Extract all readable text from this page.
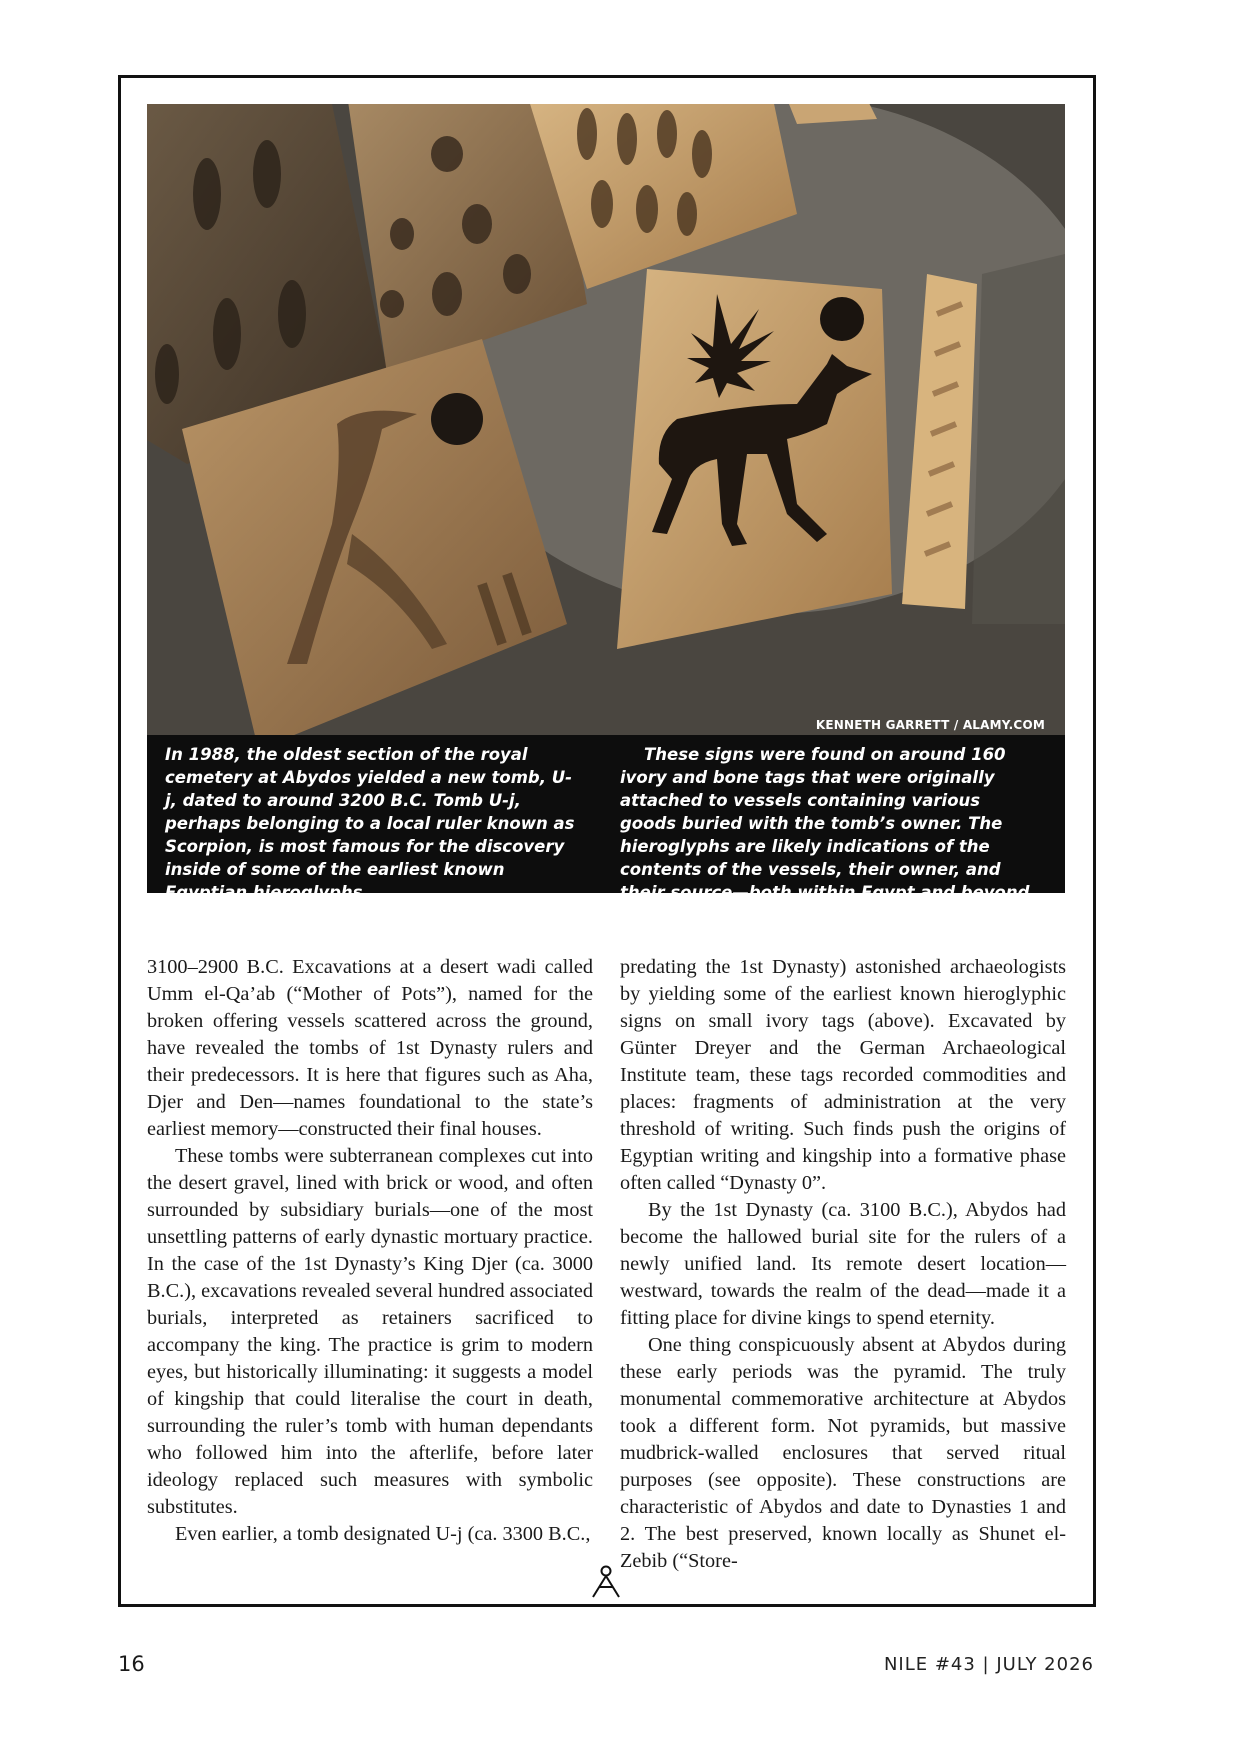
KENNETH GARRETT / ALAMY.COM
In 1988, the oldest section of the royal cemetery at Abydos yielded a new tomb, U-j, dated to around 3200 B.C. Tomb U-j, perhaps belonging to a local ruler known as Scorpion, is most famous for the discovery inside of some of the earliest known Egyptian hieroglyphs.
These signs were found on around 160 ivory and bone tags that were originally attached to vessels containing various goods buried with the tomb’s owner. The hieroglyphs are likely indications of the contents of the vessels, their owner, and their source—both within Egypt and beyond.

3100–2900 B.C. Excavations at a desert wadi called Umm el-Qa’ab (“Mother of Pots”), named for the broken offering vessels scattered across the ground, have revealed the tombs of 1st Dynasty rulers and their predecessors. It is here that figures such as Aha, Djer and Den—names foundational to the state’s earliest memory—constructed their final houses.

These tombs were subterranean complexes cut into the desert gravel, lined with brick or wood, and often surrounded by subsidiary burials—one of the most unsettling patterns of early dynastic mortuary practice. In the case of the 1st Dynasty’s King Djer (ca. 3000 B.C.), excavations revealed several hundred associated burials, interpreted as retainers sacrificed to accompany the king. The practice is grim to modern eyes, but historically illuminating: it suggests a model of kingship that could literalise the court in death, surrounding the ruler’s tomb with human dependants who followed him into the afterlife, before later ideology replaced such measures with symbolic substitutes.

Even earlier, a tomb designated U-j (ca. 3300 B.C.,

predating the 1st Dynasty) astonished archaeologists by yielding some of the earliest known hieroglyphic signs on small ivory tags (above). Excavated by Günter Dreyer and the German Archaeological Institute team, these tags recorded commodities and places: fragments of administration at the very threshold of writing. Such finds push the origins of Egyptian writing and kingship into a formative phase often called “Dynasty 0”.

By the 1st Dynasty (ca. 3100 B.C.), Abydos had become the hallowed burial site for the rulers of a newly unified land. Its remote desert location—westward, towards the realm of the dead—made it a fitting place for divine kings to spend eternity.

One thing conspicuously absent at Abydos during these early periods was the pyramid. The truly monumental commemorative architecture at Abydos took a different form. Not pyramids, but massive mudbrick-walled enclosures that served ritual purposes (see opposite). These constructions are characteristic of Abydos and date to Dynasties 1 and 2. The best preserved, known locally as Shunet el-Zebib (“Store-

16	NILE #43 | JULY 2026
